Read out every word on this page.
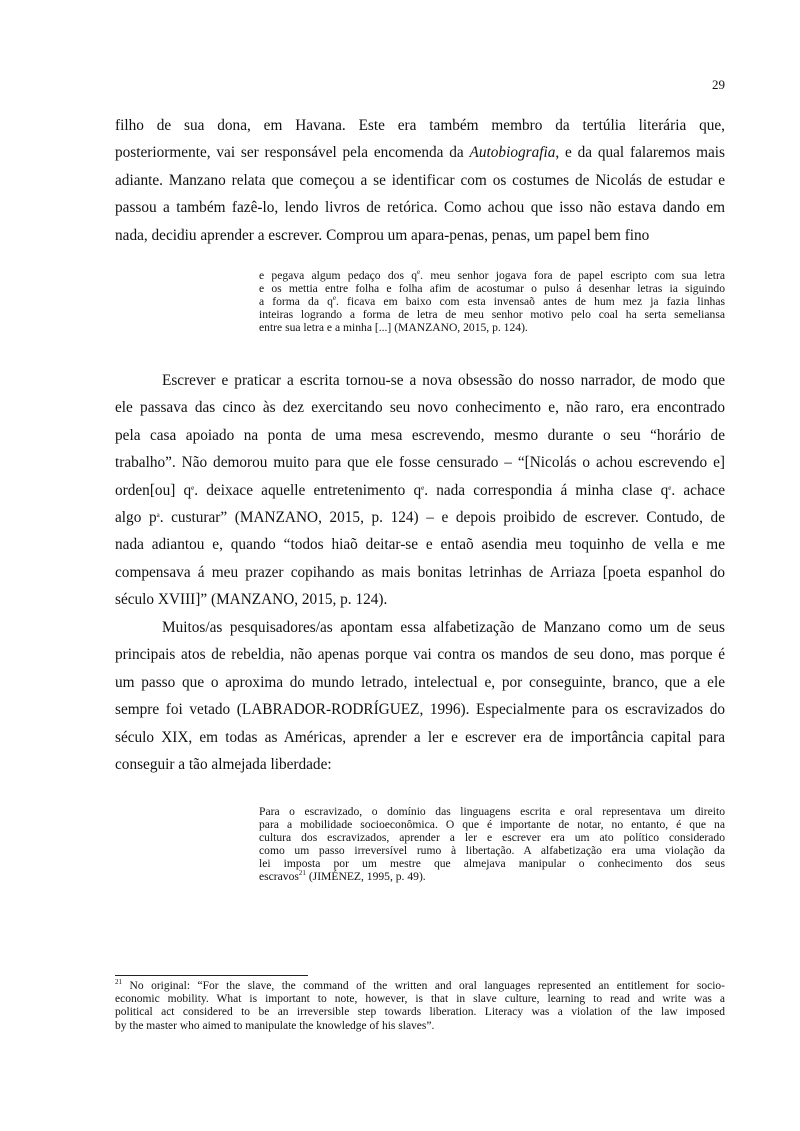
29
filho de sua dona, em Havana. Este era também membro da tertúlia literária que,
posteriormente, vai ser responsável pela encomenda da Autobiografia, e da qual falaremos mais
adiante. Manzano relata que começou a se identificar com os costumes de Nicolás de estudar e
passou a também fazê-lo, lendo livros de retórica. Como achou que isso não estava dando em
nada, decidiu aprender a escrever. Comprou um apara-penas, penas, um papel bem fino
e pegava algum pedaço dos $q^e$. meu senhor jogava fora de papel escripto com sua letra
e os mettia entre folha e folha afim de acostumar o pulso á desenhar letras ia siguindo
a forma da $q^e$. ficava em baixo com esta invensaõ antes de hum mez ja fazia linhas
inteiras logrando a forma de letra de meu senhor motivo pelo coal ha serta semeliansa
entre sua letra e a minha [...] (MANZANO, 2015, p. 124).
Escrever e praticar a escrita tornou-se a nova obsessão do nosso narrador, de modo que
ele passava das cinco às dez exercitando seu novo conhecimento e, não raro, era encontrado
pela casa apoiado na ponta de uma mesa escrevendo, mesmo durante o seu “horário de
trabalho”. Não demorou muito para que ele fosse censurado – “[Nicolás o achou escrevendo e]
orden[ou] $q^e$. deixace aquelle entretenimento $q^e$. nada correspondia á minha clase $q^e$. achace
algo $p^a$. custurar” (MANZANO, 2015, p. 124) – e depois proibido de escrever. Contudo, de
nada adiantou e, quando “todos hiaõ deitar-se e entaõ asendia meu toquinho de vella e me
compensava á meu prazer copihando as mais bonitas letrinhas de Arriaza [poeta espanhol do
século XVIII]” (MANZANO, 2015, p. 124).
Muitos/as pesquisadores/as apontam essa alfabetização de Manzano como um de seus
principais atos de rebeldia, não apenas porque vai contra os mandos de seu dono, mas porque é
um passo que o aproxima do mundo letrado, intelectual e, por conseguinte, branco, que a ele
sempre foi vetado (LABRADOR-RODRÍGUEZ, 1996). Especialmente para os escravizados do
século XIX, em todas as Américas, aprender a ler e escrever era de importância capital para
conseguir a tão almejada liberdade:
Para o escravizado, o domínio das linguagens escrita e oral representava um direito
para a mobilidade socioeconômica. O que é importante de notar, no entanto, é que na
cultura dos escravizados, aprender a ler e escrever era um ato político considerado
como um passo irreversível rumo à libertação. A alfabetização era uma violação da
lei imposta por um mestre que almejava manipular o conhecimento dos seus
escravos$^{21}$ (JIMÉNEZ, 1995, p. 49).
$^{21}$ No original: “For the slave, the command of the written and oral languages represented an entitlement for socio-
economic mobility. What is important to note, however, is that in slave culture, learning to read and write was a
political act considered to be an irreversible step towards liberation. Literacy was a violation of the law imposed
by the master who aimed to manipulate the knowledge of his slaves”.
